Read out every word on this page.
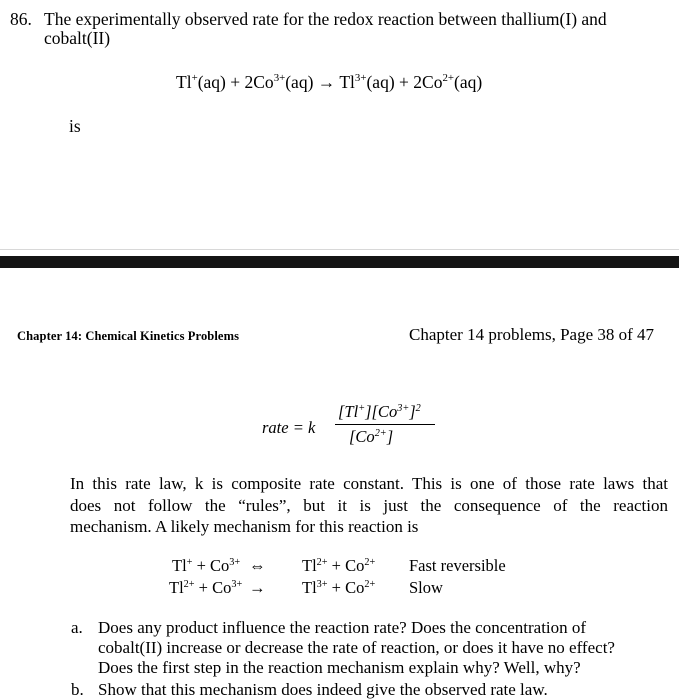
86. The experimentally observed rate for the redox reaction between thallium(I) and
cobalt(II)
$Tl^+(aq) + 2Co^{3+}(aq) \to Tl^{3+}(aq) + 2Co^{2+}(aq)$
is
Chapter 14: Chemical Kinetics Problems	Chapter 14 problems, Page 38 of 47
rate = k
$[Tl^+][Co^{3+}]^2$
$[Co^{2+}]$
In this rate law, k is composite rate constant. This is one of those rate laws that
does not follow the “rules”, but it is just the consequence of the reaction
mechanism. A likely mechanism for this reaction is
$Tl^+ + Co^{3+}$ ⇔ $Tl^{2+} + Co^{2+}$ Fast reversible
$Tl^{2+} + Co^{3+} \to Tl^{3+} + Co^{2+}$ Slow
a. Does any product influence the reaction rate? Does the concentration of
cobalt(II) increase or decrease the rate of reaction, or does it have no effect?
Does the first step in the reaction mechanism explain why? Well, why?
b. Show that this mechanism does indeed give the observed rate law.
